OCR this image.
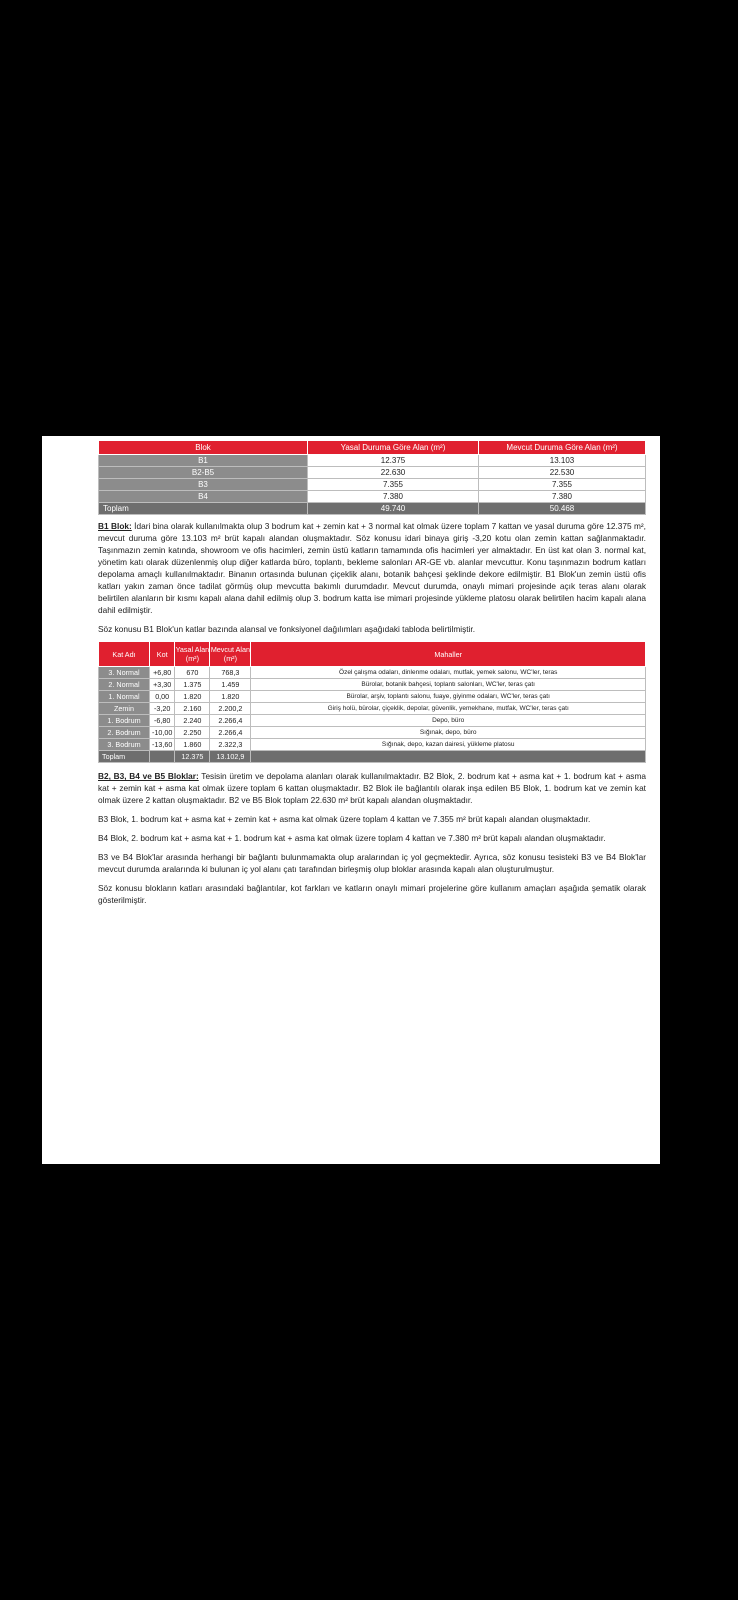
Blok	Yasal Duruma Göre Alan (m²)	Mevcut Duruma Göre Alan (m²)
B1	12.375	13.103
B2-B5	22.630	22.530
B3	7.355	7.355
B4	7.380	7.380
Toplam	49.740	50.468

B1 Blok: İdari bina olarak kullanılmakta olup 3 bodrum kat + zemin kat + 3 normal kat olmak üzere toplam 7 kattan ve yasal duruma göre 12.375 m², mevcut duruma göre 13.103 m² brüt kapalı alandan oluşmaktadır. Söz konusu idari binaya giriş -3,20 kotu olan zemin kattan sağlanmaktadır. Taşınmazın zemin katında, showroom ve ofis hacimleri, zemin üstü katların tamamında ofis hacimleri yer almaktadır. En üst kat olan 3. normal kat, yönetim katı olarak düzenlenmiş olup diğer katlarda büro, toplantı, bekleme salonları AR-GE vb. alanlar mevcuttur. Konu taşınmazın bodrum katları depolama amaçlı kullanılmaktadır. Binanın ortasında bulunan çiçeklik alanı, botanik bahçesi şeklinde dekore edilmiştir. B1 Blok'un zemin üstü ofis katları yakın zaman önce tadilat görmüş olup mevcutta bakımlı durumdadır. Mevcut durumda, onaylı mimari projesinde açık teras alanı olarak belirtilen alanların bir kısmı kapalı alana dahil edilmiş olup 3. bodrum katta ise mimari projesinde yükleme platosu olarak belirtilen hacim kapalı alana dahil edilmiştir.

Söz konusu B1 Blok'un katlar bazında alansal ve fonksiyonel dağılımları aşağıdaki tabloda belirtilmiştir.

Kat Adı	Kot	Yasal Alan (m²)	Mevcut Alan (m²)	Mahaller
3. Normal	+6,80	670	768,3	Özel çalışma odaları, dinlenme odaları, mutfak, yemek salonu, WC'ler, teras
2. Normal	+3,30	1.375	1.459	Bürolar, botanik bahçesi, toplantı salonları, WC'ler, teras çatı
1. Normal	0,00	1.820	1.820	Bürolar, arşiv, toplantı salonu, fuaye, giyinme odaları, WC'ler, teras çatı
Zemin	-3,20	2.160	2.200,2	Giriş holü, bürolar, çiçeklik, depolar, güvenlik, yemekhane, mutfak, WC'ler, teras çatı
1. Bodrum	-6,80	2.240	2.266,4	Depo, büro
2. Bodrum	-10,00	2.250	2.266,4	Sığınak, depo, büro
3. Bodrum	-13,60	1.860	2.322,3	Sığınak, depo, kazan dairesi, yükleme platosu
Toplam		12.375	13.102,9	

B2, B3, B4 ve B5 Bloklar: Tesisin üretim ve depolama alanları olarak kullanılmaktadır. B2 Blok, 2. bodrum kat + asma kat + 1. bodrum kat + asma kat + zemin kat + asma kat olmak üzere toplam 6 kattan oluşmaktadır. B2 Blok ile bağlantılı olarak inşa edilen B5 Blok, 1. bodrum kat ve zemin kat olmak üzere 2 kattan oluşmaktadır. B2 ve B5 Blok toplam 22.630 m² brüt kapalı alandan oluşmaktadır.

B3 Blok, 1. bodrum kat + asma kat + zemin kat + asma kat olmak üzere toplam 4 kattan ve 7.355 m² brüt kapalı alandan oluşmaktadır.

B4 Blok, 2. bodrum kat + asma kat + 1. bodrum kat + asma kat olmak üzere toplam 4 kattan ve 7.380 m² brüt kapalı alandan oluşmaktadır.

B3 ve B4 Blok'lar arasında herhangi bir bağlantı bulunmamakta olup aralarından iç yol geçmektedir. Ayrıca, söz konusu tesisteki B3 ve B4 Blok'lar mevcut durumda aralarında ki bulunan iç yol alanı çatı tarafından birleşmiş olup bloklar arasında kapalı alan oluşturulmuştur.

Söz konusu blokların katları arasındaki bağlantılar, kot farkları ve katların onaylı mimari projelerine göre kullanım amaçları aşağıda şematik olarak gösterilmiştir.
